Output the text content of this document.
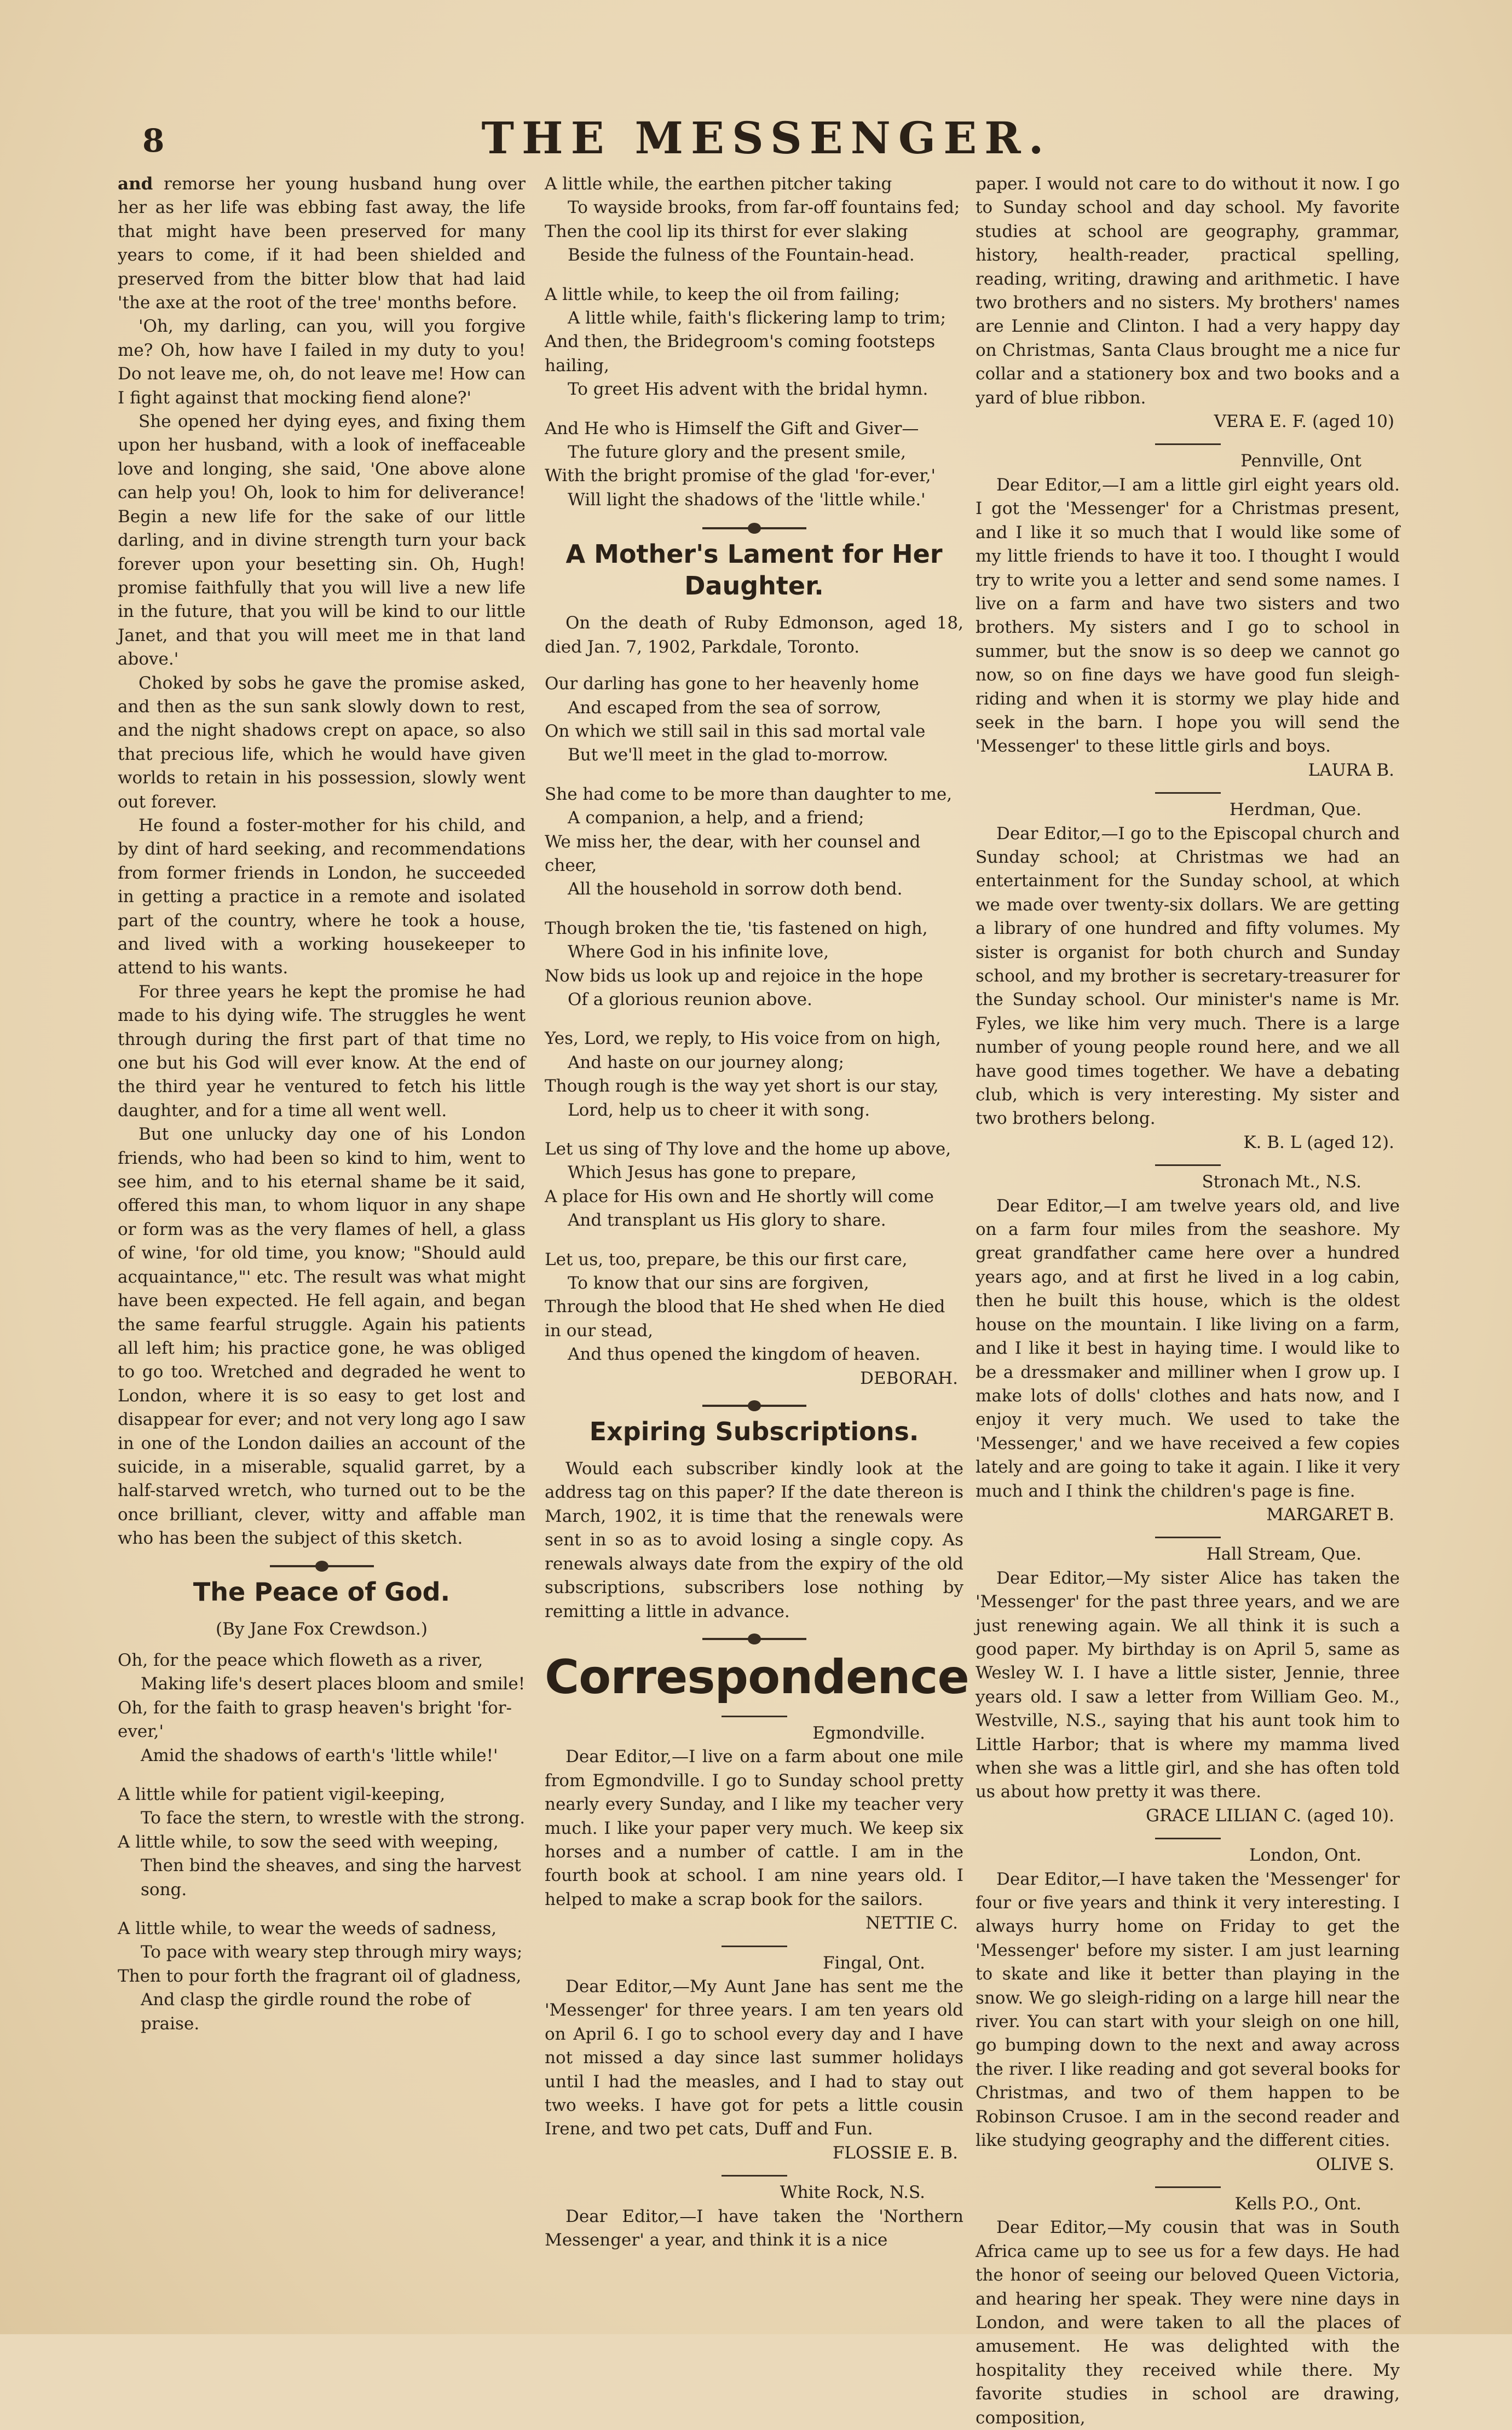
8	THE MESSENGER.

and remorse her young husband hung over her as her life was ebbing fast away, the life that might have been preserved for many years to come, if it had been shielded and preserved from the bitter blow that had laid 'the axe at the root of the tree' months before.

'Oh, my darling, can you, will you forgive me? Oh, how have I failed in my duty to you! Do not leave me, oh, do not leave me! How can I fight against that mocking fiend alone?'

She opened her dying eyes, and fixing them upon her husband, with a look of ineffaceable love and longing, she said, 'One above alone can help you! Oh, look to him for deliverance! Begin a new life for the sake of our little darling, and in divine strength turn your back forever upon your besetting sin. Oh, Hugh! promise faithfully that you will live a new life in the future, that you will be kind to our little Janet, and that you will meet me in that land above.'

Choked by sobs he gave the promise asked, and then as the sun sank slowly down to rest, and the night shadows crept on apace, so also that precious life, which he would have given worlds to retain in his possession, slowly went out forever.

He found a foster-mother for his child, and by dint of hard seeking, and recommendations from former friends in London, he succeeded in getting a practice in a remote and isolated part of the country, where he took a house, and lived with a working housekeeper to attend to his wants.

For three years he kept the promise he had made to his dying wife. The struggles he went through during the first part of that time no one but his God will ever know. At the end of the third year he ventured to fetch his little daughter, and for a time all went well.

But one unlucky day one of his London friends, who had been so kind to him, went to see him, and to his eternal shame be it said, offered this man, to whom liquor in any shape or form was as the very flames of hell, a glass of wine, 'for old time, you know; "Should auld acquaintance,"' etc. The result was what might have been expected. He fell again, and began the same fearful struggle. Again his patients all left him; his practice gone, he was obliged to go too. Wretched and degraded he went to London, where it is so easy to get lost and disappear for ever; and not very long ago I saw in one of the London dailies an account of the suicide, in a miserable, squalid garret, by a half-starved wretch, who turned out to be the once brilliant, clever, witty and affable man who has been the subject of this sketch.

The Peace of God.
(By Jane Fox Crewdson.)
Oh, for the peace which floweth as a river,
Making life's desert places bloom and smile!
Oh, for the faith to grasp heaven's bright 'for-ever,'
Amid the shadows of earth's 'little while!'
A little while for patient vigil-keeping,
To face the stern, to wrestle with the strong.
A little while, to sow the seed with weeping,
Then bind the sheaves, and sing the harvest song.
A little while, to wear the weeds of sadness,
To pace with weary step through miry ways;
Then to pour forth the fragrant oil of gladness,
And clasp the girdle round the robe of praise.
A little while, the earthen pitcher taking
To wayside brooks, from far-off fountains fed;
Then the cool lip its thirst for ever slaking
Beside the fulness of the Fountain-head.
A little while, to keep the oil from failing;
A little while, faith's flickering lamp to trim;
And then, the Bridegroom's coming footsteps hailing,
To greet His advent with the bridal hymn.
And He who is Himself the Gift and Giver—
The future glory and the present smile,
With the bright promise of the glad 'for-ever,'
Will light the shadows of the 'little while.'
A Mother's Lament for Her Daughter.

On the death of Ruby Edmonson, aged 18, died Jan. 7, 1902, Parkdale, Toronto.

Our darling has gone to her heavenly home
And escaped from the sea of sorrow,
On which we still sail in this sad mortal vale
But we'll meet in the glad to-morrow.
She had come to be more than daughter to me,
A companion, a help, and a friend;
We miss her, the dear, with her counsel and cheer,
All the household in sorrow doth bend.
Though broken the tie, 'tis fastened on high,
Where God in his infinite love,
Now bids us look up and rejoice in the hope
Of a glorious reunion above.
Yes, Lord, we reply, to His voice from on high,
And haste on our journey along;
Though rough is the way yet short is our stay,
Lord, help us to cheer it with song.
Let us sing of Thy love and the home up above,
Which Jesus has gone to prepare,
A place for His own and He shortly will come
And transplant us His glory to share.
Let us, too, prepare, be this our first care,
To know that our sins are forgiven,
Through the blood that He shed when He died in our stead,
And thus opened the kingdom of heaven.

DEBORAH.

Expiring Subscriptions.

Would each subscriber kindly look at the address tag on this paper? If the date thereon is March, 1902, it is time that the renewals were sent in so as to avoid losing a single copy. As renewals always date from the expiry of the old subscriptions, subscribers lose nothing by remitting a little in advance.

Correspondence

Egmondville.

Dear Editor,—I live on a farm about one mile from Egmondville. I go to Sunday school pretty nearly every Sunday, and I like my teacher very much. I like your paper very much. We keep six horses and a number of cattle. I am in the fourth book at school. I am nine years old. I helped to make a scrap book for the sailors.

NETTIE C.

Fingal, Ont.

Dear Editor,—My Aunt Jane has sent me the 'Messenger' for three years. I am ten years old on April 6. I go to school every day and I have not missed a day since last summer holidays until I had the measles, and I had to stay out two weeks. I have got for pets a little cousin Irene, and two pet cats, Duff and Fun.

FLOSSIE E. B.

White Rock, N.S.

Dear Editor,—I have taken the 'Northern Messenger' a year, and think it is a nice

paper. I would not care to do without it now. I go to Sunday school and day school. My favorite studies at school are geography, grammar, history, health-reader, practical spelling, reading, writing, drawing and arithmetic. I have two brothers and no sisters. My brothers' names are Lennie and Clinton. I had a very happy day on Christmas, Santa Claus brought me a nice fur collar and a stationery box and two books and a yard of blue ribbon.

VERA E. F. (aged 10)

Pennville, Ont

Dear Editor,—I am a little girl eight years old. I got the 'Messenger' for a Christmas present, and I like it so much that I would like some of my little friends to have it too. I thought I would try to write you a letter and send some names. I live on a farm and have two sisters and two brothers. My sisters and I go to school in summer, but the snow is so deep we cannot go now, so on fine days we have good fun sleigh-riding and when it is stormy we play hide and seek in the barn. I hope you will send the 'Messenger' to these little girls and boys.

LAURA B.

Herdman, Que.

Dear Editor,—I go to the Episcopal church and Sunday school; at Christmas we had an entertainment for the Sunday school, at which we made over twenty-six dollars. We are getting a library of one hundred and fifty volumes. My sister is organist for both church and Sunday school, and my brother is secretary-treasurer for the Sunday school. Our minister's name is Mr. Fyles, we like him very much. There is a large number of young people round here, and we all have good times together. We have a debating club, which is very interesting. My sister and two brothers belong.

K. B. L (aged 12).

Stronach Mt., N.S.

Dear Editor,—I am twelve years old, and live on a farm four miles from the seashore. My great grandfather came here over a hundred years ago, and at first he lived in a log cabin, then he built this house, which is the oldest house on the mountain. I like living on a farm, and I like it best in haying time. I would like to be a dressmaker and milliner when I grow up. I make lots of dolls' clothes and hats now, and I enjoy it very much. We used to take the 'Messenger,' and we have received a few copies lately and are going to take it again. I like it very much and I think the children's page is fine.

MARGARET B.

Hall Stream, Que.

Dear Editor,—My sister Alice has taken the 'Messenger' for the past three years, and we are just renewing again. We all think it is such a good paper. My birthday is on April 5, same as Wesley W. I. I have a little sister, Jennie, three years old. I saw a letter from William Geo. M., Westville, N.S., saying that his aunt took him to Little Harbor; that is where my mamma lived when she was a little girl, and she has often told us about how pretty it was there.

GRACE LILIAN C. (aged 10).

London, Ont.

Dear Editor,—I have taken the 'Messenger' for four or five years and think it very interesting. I always hurry home on Friday to get the 'Messenger' before my sister. I am just learning to skate and like it better than playing in the snow. We go sleigh-riding on a large hill near the river. You can start with your sleigh on one hill, go bumping down to the next and away across the river. I like reading and got several books for Christmas, and two of them happen to be Robinson Crusoe. I am in the second reader and like studying geography and the different cities.

OLIVE S.

Kells P.O., Ont.

Dear Editor,—My cousin that was in South Africa came up to see us for a few days. He had the honor of seeing our beloved Queen Victoria, and hearing her speak. They were nine days in London, and were taken to all the places of amusement. He was delighted with the hospitality they received while there. My favorite studies in school are drawing, composition,
